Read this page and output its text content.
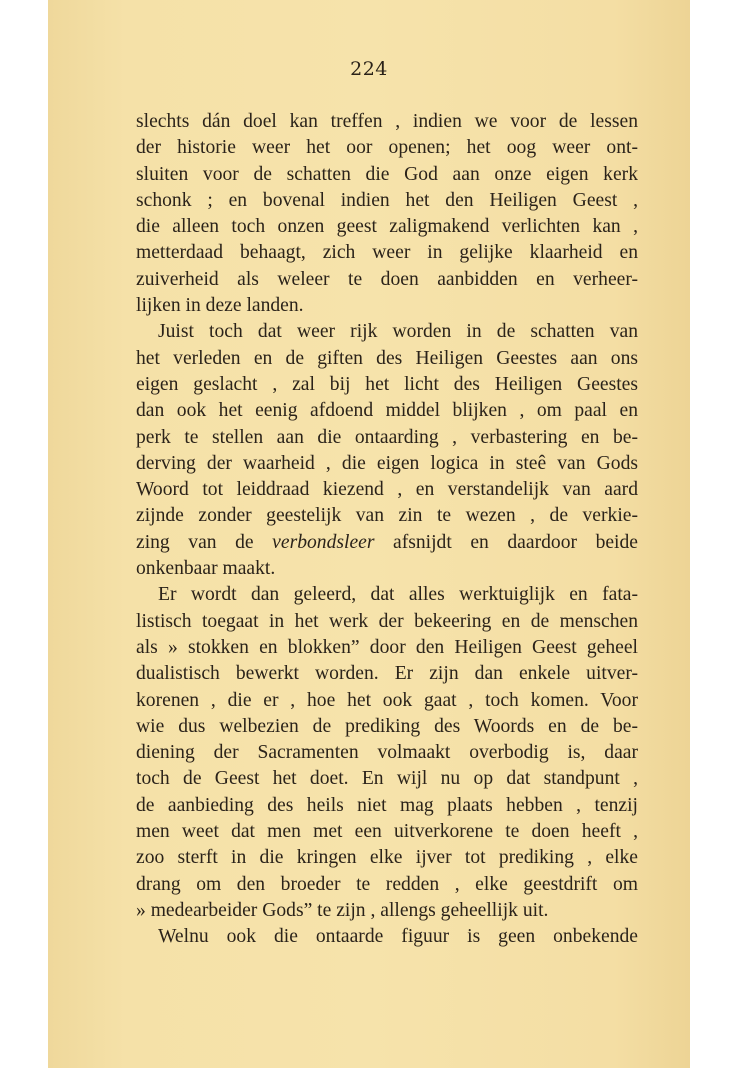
224
slechts dán doel kan treffen , indien we voor de lessen
der historie weer het oor openen; het oog weer ont-
sluiten voor de schatten die God aan onze eigen kerk
schonk ; en bovenal indien het den Heiligen Geest ,
die alleen toch onzen geest zaligmakend verlichten kan ,
metterdaad behaagt, zich weer in gelijke klaarheid en
zuiverheid als weleer te doen aanbidden en verheer-
lijken in deze landen.
Juist toch dat weer rijk worden in de schatten van
het verleden en de giften des Heiligen Geestes aan ons
eigen geslacht , zal bij het licht des Heiligen Geestes
dan ook het eenig afdoend middel blijken , om paal en
perk te stellen aan die ontaarding , verbastering en be-
derving der waarheid , die eigen logica in steê van Gods
Woord tot leiddraad kiezend , en verstandelijk van aard
zijnde zonder geestelijk van zin te wezen , de verkie-
zing van de verbondsleer afsnijdt en daardoor beide
onkenbaar maakt.
Er wordt dan geleerd, dat alles werktuiglijk en fata-
listisch toegaat in het werk der bekeering en de menschen
als » stokken en blokken” door den Heiligen Geest geheel
dualistisch bewerkt worden. Er zijn dan enkele uitver-
korenen , die er , hoe het ook gaat , toch komen. Voor
wie dus welbezien de prediking des Woords en de be-
diening der Sacramenten volmaakt overbodig is, daar
toch de Geest het doet. En wijl nu op dat standpunt ,
de aanbieding des heils niet mag plaats hebben , tenzij
men weet dat men met een uitverkorene te doen heeft ,
zoo sterft in die kringen elke ijver tot prediking , elke
drang om den broeder te redden , elke geestdrift om
» medearbeider Gods” te zijn , allengs geheellijk uit.
Welnu ook die ontaarde figuur is geen onbekende
